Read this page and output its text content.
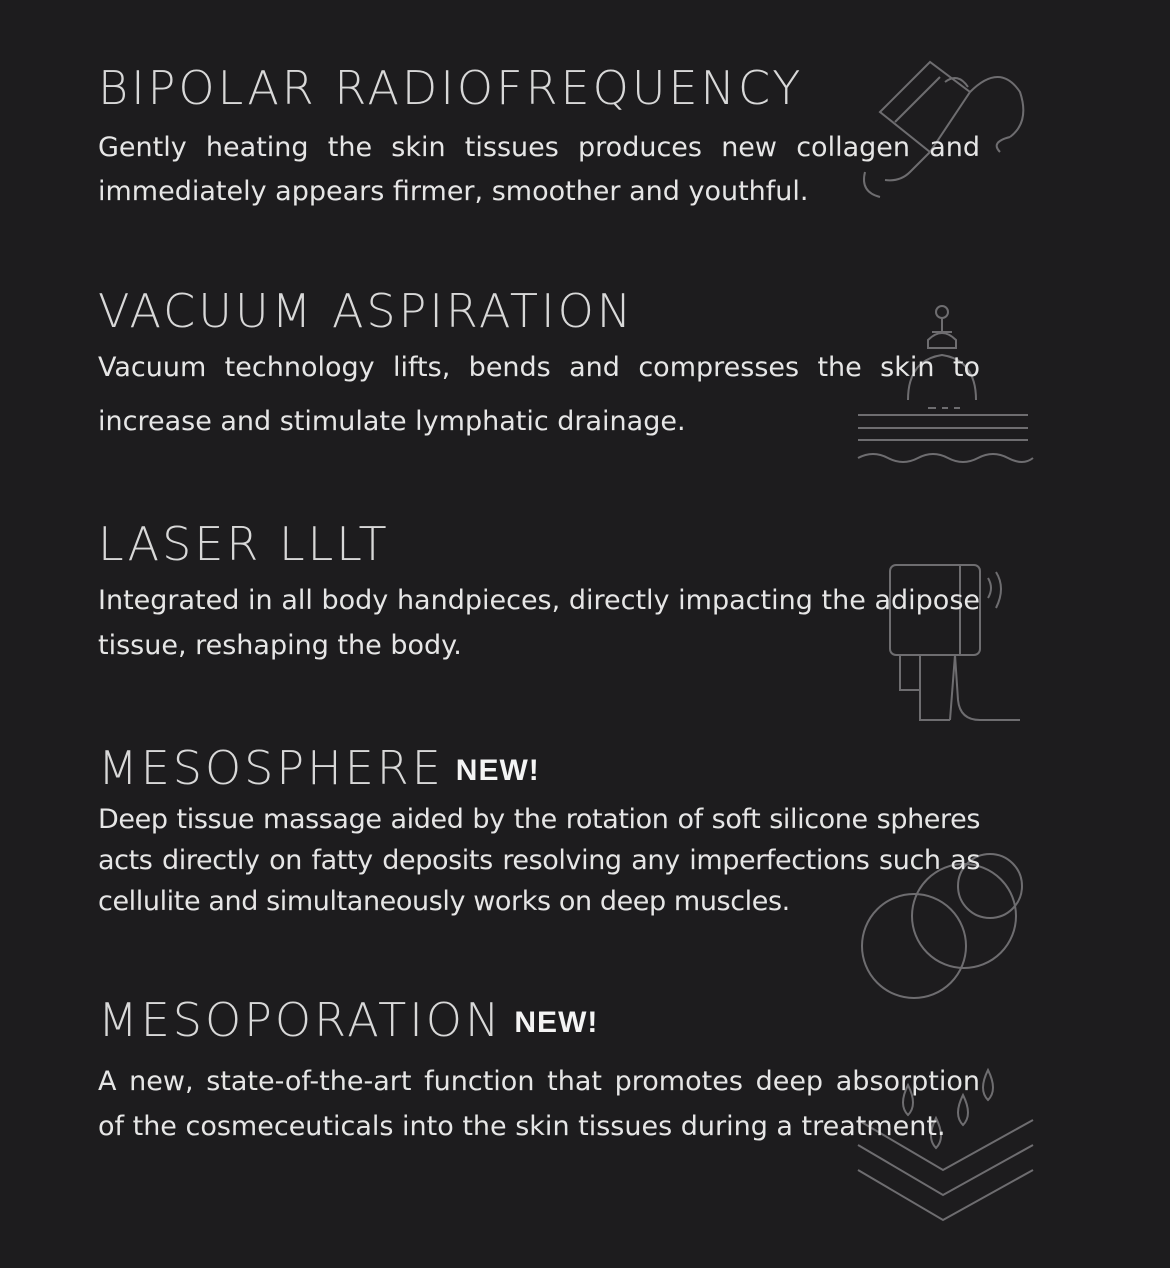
BIPOLAR RADIOFREQUENCY
Gently heating the skin tissues produces new collagen and immediately appears firmer, smoother and youthful.
VACUUM ASPIRATION
Vacuum technology lifts, bends and compresses the skin to increase and stimulate lymphatic drainage.
LASER LLLT
Integrated in all body handpieces, directly impacting the adipose tissue, reshaping the body.
MESOSPHERE NEW!
Deep tissue massage aided by the rotation of soft silicone spheres acts directly on fatty deposits resolving any imperfections such as cellulite and simultaneously works on deep muscles.
MESOPORATION NEW!
A new, state-of-the-art function that promotes deep absorption of the cosmeceuticals into the skin tissues during a treatment.
